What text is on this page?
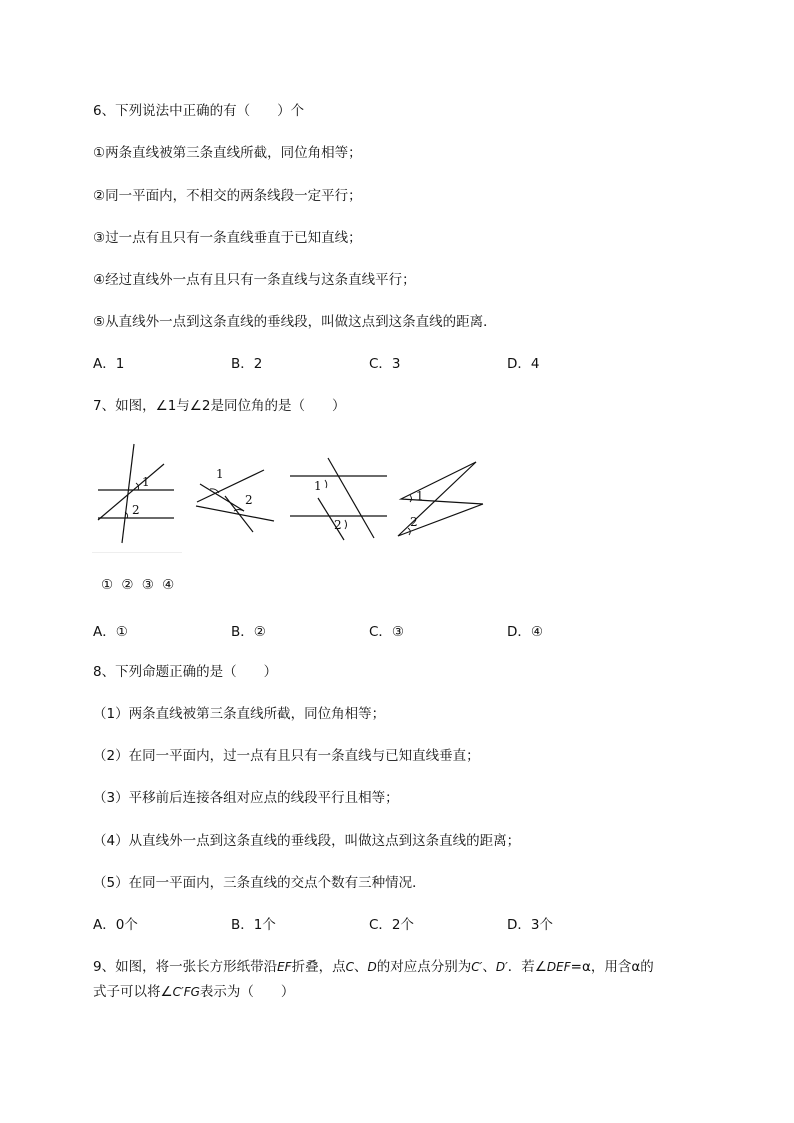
6、下列说法中正确的有（　　）个
①两条直线被第三条直线所截，同位角相等；
②同一平面内，不相交的两条线段一定平行；
③过一点有且只有一条直线垂直于已知直线；
④经过直线外一点有且只有一条直线与这条直线平行；
⑤从直线外一点到这条直线的垂线段，叫做这点到这条直线的距离．
A．1	B．2	C．3	D．4
7、如图，∠1与∠2是同位角的是（　　）
1
2
1
2
1
2
1
2
① ② ③ ④
A．①	B．②	C．③	D．④
8、下列命题正确的是（　　）
（1）两条直线被第三条直线所截，同位角相等；
（2）在同一平面内，过一点有且只有一条直线与已知直线垂直；
（3）平移前后连接各组对应点的线段平行且相等；
（4）从直线外一点到这条直线的垂线段，叫做这点到这条直线的距离；
（5）在同一平面内，三条直线的交点个数有三种情况．
A．0个	B．1个	C．2个	D．3个
9、如图，将一张长方形纸带沿EF折叠，点C、D的对应点分别为C′、D′．若∠DEF=α，用含α的
式子可以将∠C′FG表示为（　　）
